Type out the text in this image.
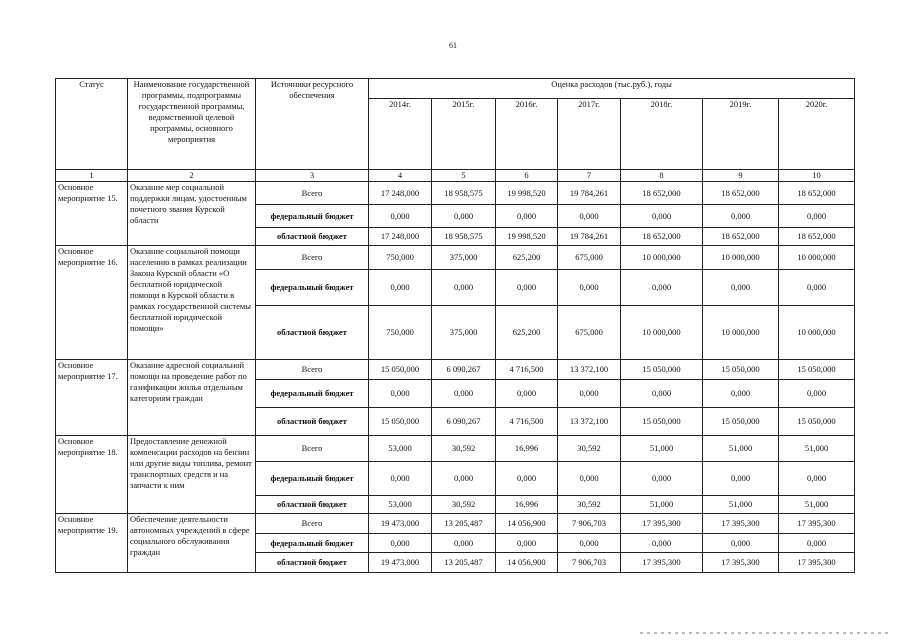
61
Статус	Наименование государственной программы, подпрограммы государственной программы, ведомственной целевой программы, основного мероприятия	Источники ресурсного обеспечения	Оценка расходов (тыс.руб.), годы						
			2014г.	2015г.	2016г.	2017г.	2018г.	2019г.	2020г.
1	2	3	4	5	6	7	8	9	10
Основное мероприятие 15.	Оказание мер социальной поддержки лицам, удостоенным почетного звания Курской области	Всего	17 248,000	18 958,575	19 998,520	19 784,261	18 652,000	18 652,000	18 652,000
		федеральный бюджет	0,000	0,000	0,000	0,000	0,000	0,000	0,000
		областной бюджет	17 248,000	18 958,575	19 998,520	19 784,261	18 652,000	18 652,000	18 652,000
Основное мероприятие 16.	Оказание социальной помощи населению в рамках реализации Закона Курской области «О бесплатной юридической помощи в Курской области в рамках государственной системы бесплатной юридической помощи»	Всего	750,000	375,000	625,200	675,000	10 000,000	10 000,000	10 000,000
		федеральный бюджет	0,000	0,000	0,000	0,000	0,000	0,000	0,000
		областной бюджет	750,000	375,000	625,200	675,000	10 000,000	10 000,000	10 000,000
Основное мероприятие 17.	Оказание адресной социальной помощи на проведение работ по газификации жилья отдельным категориям граждан	Всего	15 050,000	6 090,267	4 716,500	13 372,100	15 050,000	15 050,000	15 050,000
		федеральный бюджет	0,000	0,000	0,000	0,000	0,000	0,000	0,000
		областной бюджет	15 050,000	6 090,267	4 716,500	13 372,100	15 050,000	15 050,000	15 050,000
Основное мероприятие 18.	Предоставление денежной компенсации расходов на бензин или другие виды топлива, ремонт транспортных средств и на запчасти к ним	Всего	53,000	30,592	16,996	30,592	51,000	51,000	51,000
		федеральный бюджет	0,000	0,000	0,000	0,000	0,000	0,000	0,000
		областной бюджет	53,000	30,592	16,996	30,592	51,000	51,000	51,000
Основное мероприятие 19.	Обеспечение деятельности автономных учреждений в сфере социального обслуживания граждан	Всего	19 473,000	13 205,487	14 056,900	7 906,703	17 395,300	17 395,300	17 395,300
		федеральный бюджет	0,000	0,000	0,000	0,000	0,000	0,000	0,000
		областной бюджет	19 473,000	13 205,487	14 056,900	7 906,703	17 395,300	17 395,300	17 395,300
